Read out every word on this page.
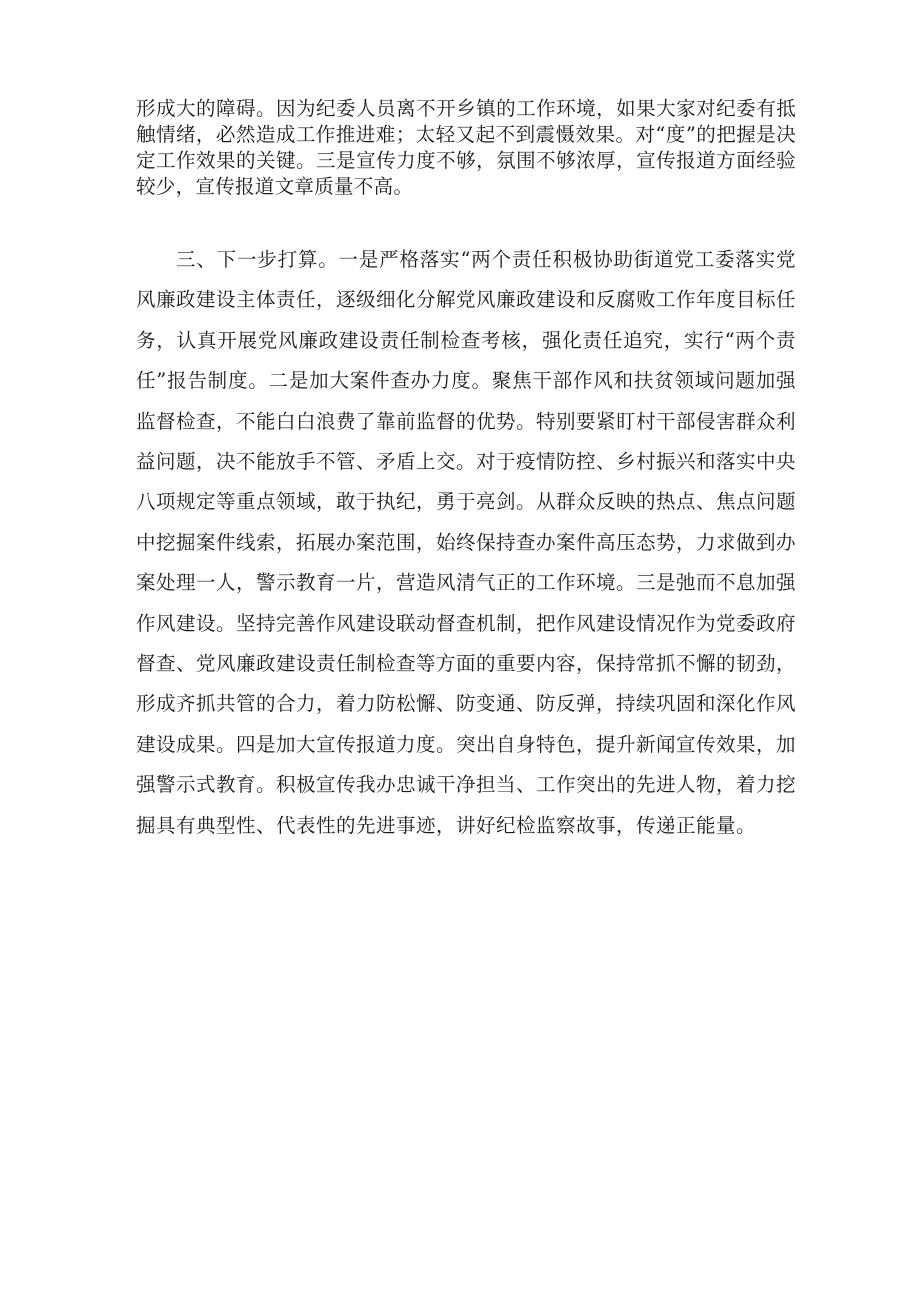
形成大的障碍。因为纪委人员离不开乡镇的工作环境，如果大家对纪委有抵触情绪，必然造成工作推进难；太轻又起不到震慑效果。对“度”的把握是决定工作效果的关键。三是宣传力度不够，氛围不够浓厚，宣传报道方面经验较少，宣传报道文章质量不高。

三、下一步打算。一是严格落实“两个责任积极协助街道党工委落实党风廉政建设主体责任，逐级细化分解党风廉政建设和反腐败工作年度目标任务，认真开展党风廉政建设责任制检查考核，强化责任追究，实行“两个责任”报告制度。二是加大案件查办力度。聚焦干部作风和扶贫领域问题加强监督检查，不能白白浪费了靠前监督的优势。特别要紧盯村干部侵害群众利益问题，决不能放手不管、矛盾上交。对于疫情防控、乡村振兴和落实中央八项规定等重点领域，敢于执纪，勇于亮剑。从群众反映的热点、焦点问题中挖掘案件线索，拓展办案范围，始终保持查办案件高压态势，力求做到办案处理一人，警示教育一片，营造风清气正的工作环境。三是弛而不息加强作风建设。坚持完善作风建设联动督查机制，把作风建设情况作为党委政府督查、党风廉政建设责任制检查等方面的重要内容，保持常抓不懈的韧劲，形成齐抓共管的合力，着力防松懈、防变通、防反弹，持续巩固和深化作风建设成果。四是加大宣传报道力度。突出自身特色，提升新闻宣传效果，加强警示式教育。积极宣传我办忠诚干净担当、工作突出的先进人物，着力挖掘具有典型性、代表性的先进事迹，讲好纪检监察故事，传递正能量。
